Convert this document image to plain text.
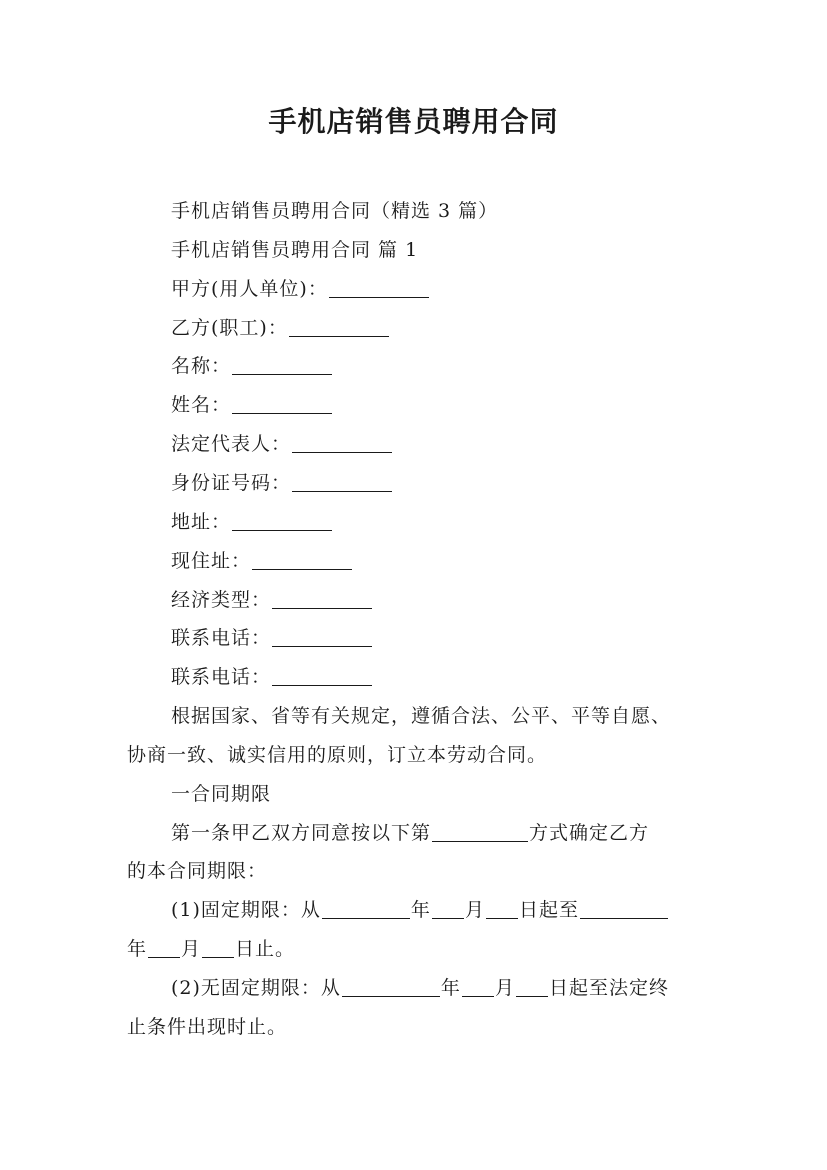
手机店销售员聘用合同
手机店销售员聘用合同（精选 3 篇）
手机店销售员聘用合同 篇 1
甲方(用人单位)：
乙方(职工)：
名称：
姓名：
法定代表人：
身份证号码：
地址：
现住址：
经济类型：
联系电话：
联系电话：
根据国家、省等有关规定，遵循合法、公平、平等自愿、
协商一致、诚实信用的原则，订立本劳动合同。
一合同期限
第一条甲乙双方同意按以下第	方式确定乙方
的本合同期限：
(1)固定期限：从	年 月 日起至
年 月 日止。
(2)无固定期限：从	年 月 日起至法定终
止条件出现时止。
